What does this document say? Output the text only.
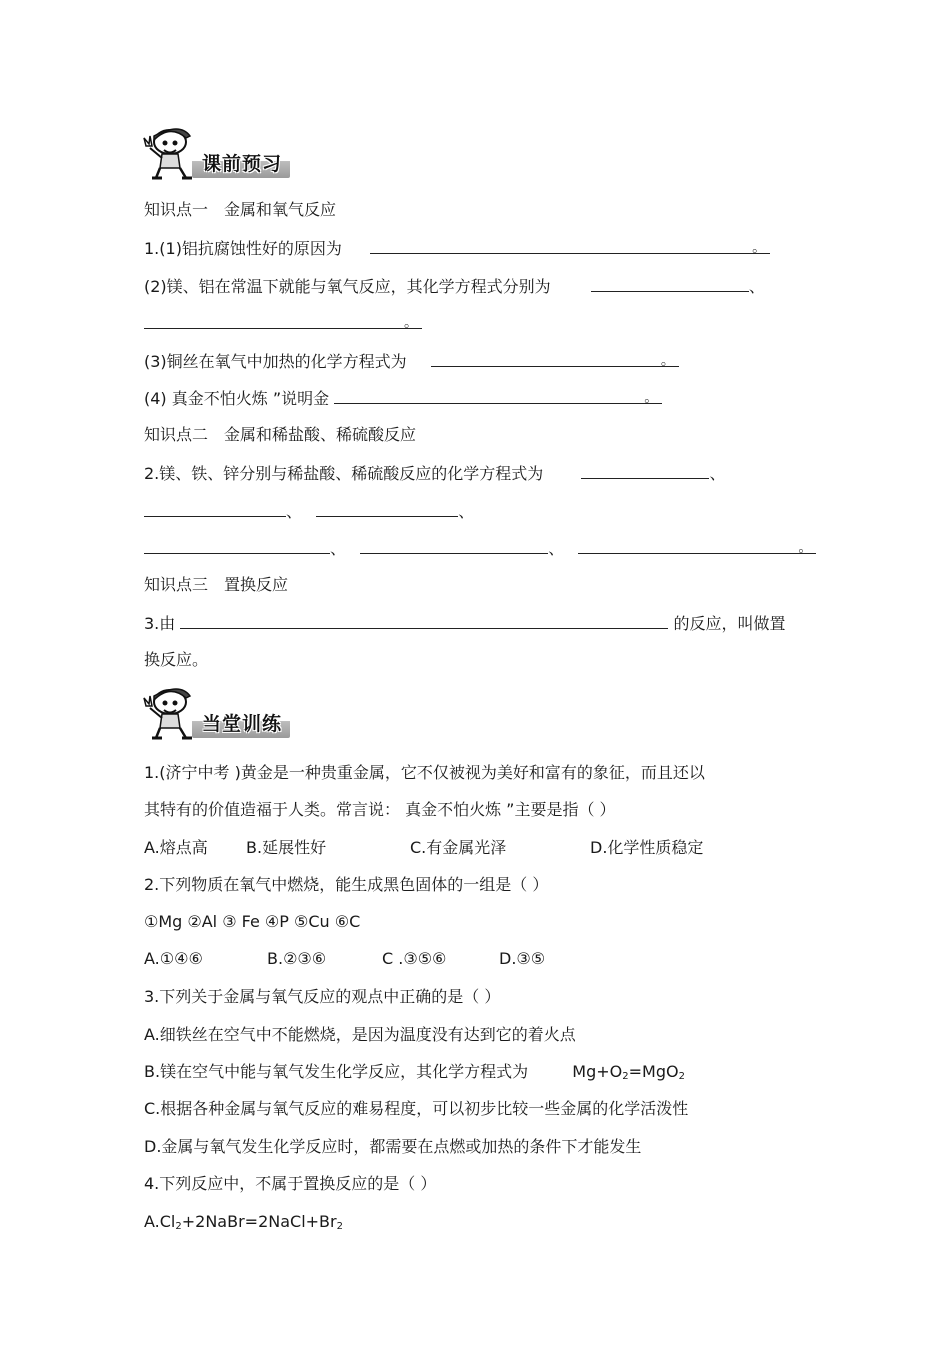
课前预习
知识点一　金属和氧气反应
1.(1)铝抗腐蚀性好的原因为	。
(2)镁、铝在常温下就能与氧气反应，其化学方程式分别为	、
。
(3)铜丝在氧气中加热的化学方程式为	。
(4) 真金不怕火炼 ”说明金	。
知识点二　金属和稀盐酸、稀硫酸反应
2.镁、铁、锌分别与稀盐酸、稀硫酸反应的化学方程式为	、
、	、
、	、	。
知识点三　置换反应
3.由	的反应，叫做置
换反应。
当堂训练
1.(济宁中考 )黄金是一种贵重金属，它不仅被视为美好和富有的象征，而且还以
其特有的价值造福于人类。常言说： 真金不怕火炼 ”主要是指（ ）
A.熔点高 B.延展性好	C.有金属光泽	D.化学性质稳定
2.下列物质在氧气中燃烧，能生成黑色固体的一组是（ ）
①Mg ②Al ③ Fe ④P ⑤Cu ⑥C
A.①④⑥	B.②③⑥	C .③⑤⑥	D.③⑤
3.下列关于金属与氧气反应的观点中正确的是（ ）
A.细铁丝在空气中不能燃烧，是因为温度没有达到它的着火点
B.镁在空气中能与氧气发生化学反应，其化学方程式为	$Mg+O_2=MgO_2$
C.根据各种金属与氧气反应的难易程度，可以初步比较一些金属的化学活泼性
D.金属与氧气发生化学反应时，都需要在点燃或加热的条件下才能发生
4.下列反应中，不属于置换反应的是（ ）
$A.Cl_2+2NaBr=2NaCl+Br_2$
